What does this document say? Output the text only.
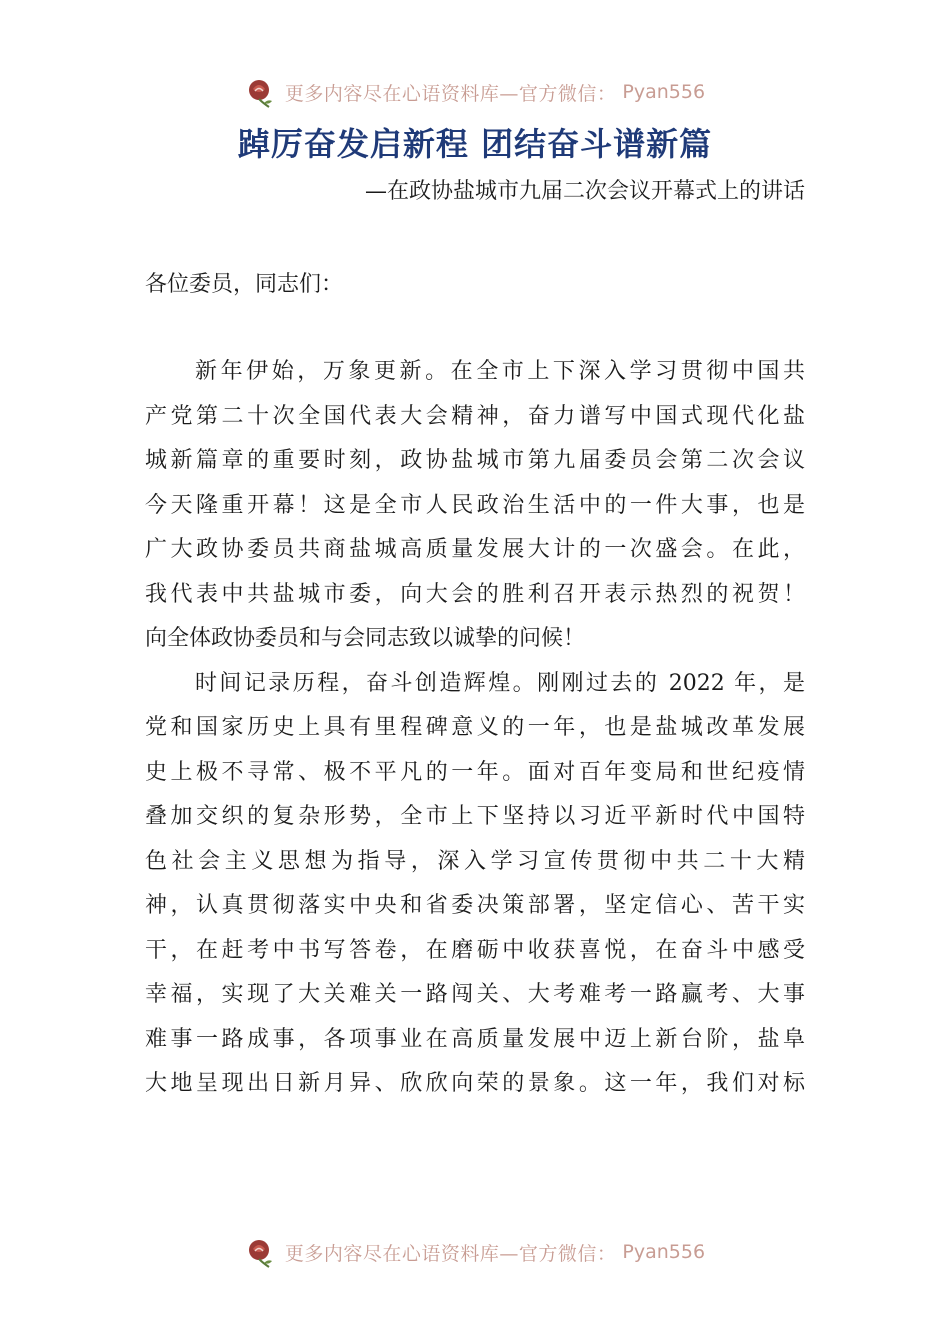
更多内容尽在心语资料库—官方微信： Pyan556
踔厉奋发启新程 团结奋斗谱新篇
—在政协盐城市九届二次会议开幕式上的讲话
各位委员，同志们：
新年伊始，万象更新。在全市上下深入学习贯彻中国共
产党第二十次全国代表大会精神，奋力谱写中国式现代化盐
城新篇章的重要时刻，政协盐城市第九届委员会第二次会议
今天隆重开幕！这是全市人民政治生活中的一件大事，也是
广大政协委员共商盐城高质量发展大计的一次盛会。在此，
我代表中共盐城市委，向大会的胜利召开表示热烈的祝贺！
向全体政协委员和与会同志致以诚挚的问候！
时间记录历程，奋斗创造辉煌。刚刚过去的 2022 年，是
党和国家历史上具有里程碑意义的一年，也是盐城改革发展
史上极不寻常、极不平凡的一年。面对百年变局和世纪疫情
叠加交织的复杂形势，全市上下坚持以习近平新时代中国特
色社会主义思想为指导，深入学习宣传贯彻中共二十大精
神，认真贯彻落实中央和省委决策部署，坚定信心、苦干实
干，在赶考中书写答卷，在磨砺中收获喜悦，在奋斗中感受
幸福，实现了大关难关一路闯关、大考难考一路赢考、大事
难事一路成事，各项事业在高质量发展中迈上新台阶，盐阜
大地呈现出日新月异、欣欣向荣的景象。这一年，我们对标
更多内容尽在心语资料库—官方微信： Pyan556
